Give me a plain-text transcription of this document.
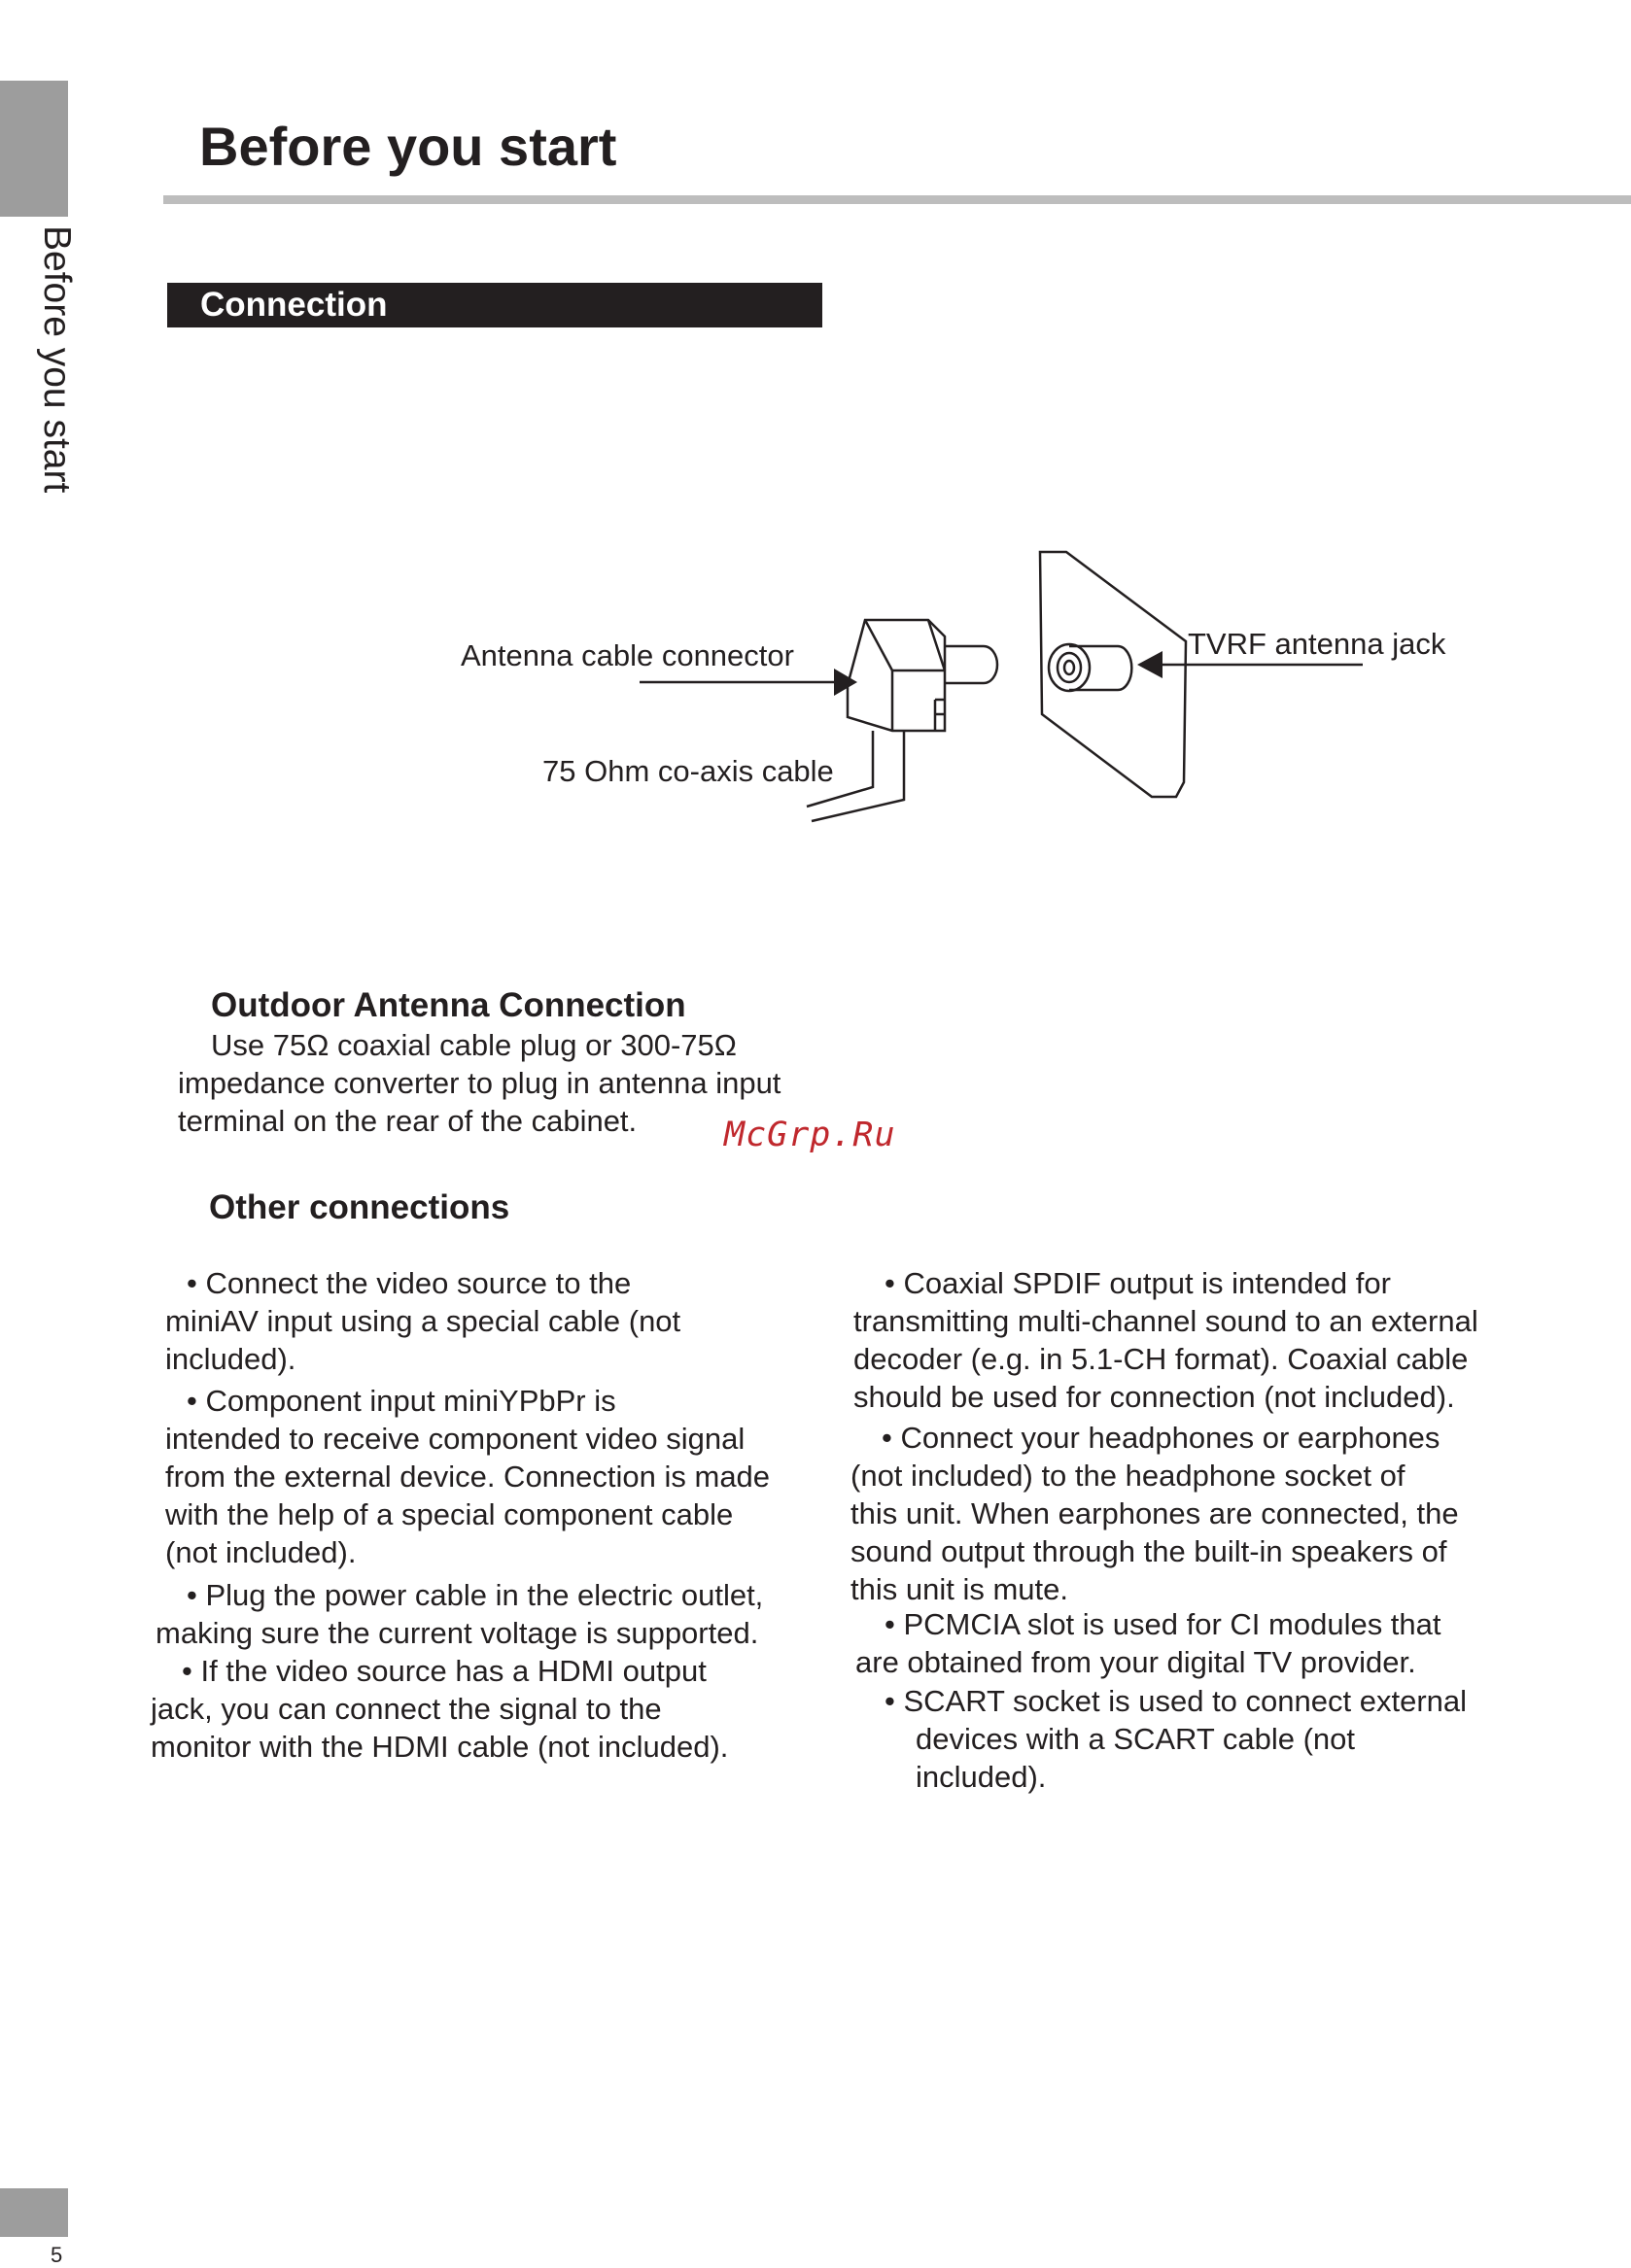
Before you start
5
Before you start
Connection
Antenna cable connector
75 Ohm co-axis cable
TVRF antenna jack
McGrp.Ru
Outdoor Antenna Connection
Use 75Ω coaxial cable plug or 300-75Ω
impedance converter to plug in antenna input
terminal on the rear of the cabinet.
Other connections
• Connect the video source to the
miniAV input using a special cable (not
included).
• Component input miniYPbPr is
intended to receive component video signal
from the external device. Connection is made
with the help of a special component cable
(not included).
• Plug the power cable in the electric outlet,
making sure the current voltage is supported.
• If the video source has a HDMI output
jack, you can connect the signal to the
monitor with the HDMI cable (not included).
• Coaxial SPDIF output is intended for
transmitting multi-channel sound to an external
decoder (e.g. in 5.1-CH format). Coaxial cable
should be used for connection (not included).
• Connect your headphones or earphones
(not included) to the headphone socket of
this unit. When earphones are connected, the
sound output through the built-in speakers of
this unit is mute.
• PCMCIA slot is used for CI modules that
are obtained from your digital TV provider.
• SCART socket is used to connect external
devices with a SCART cable (not
included).
